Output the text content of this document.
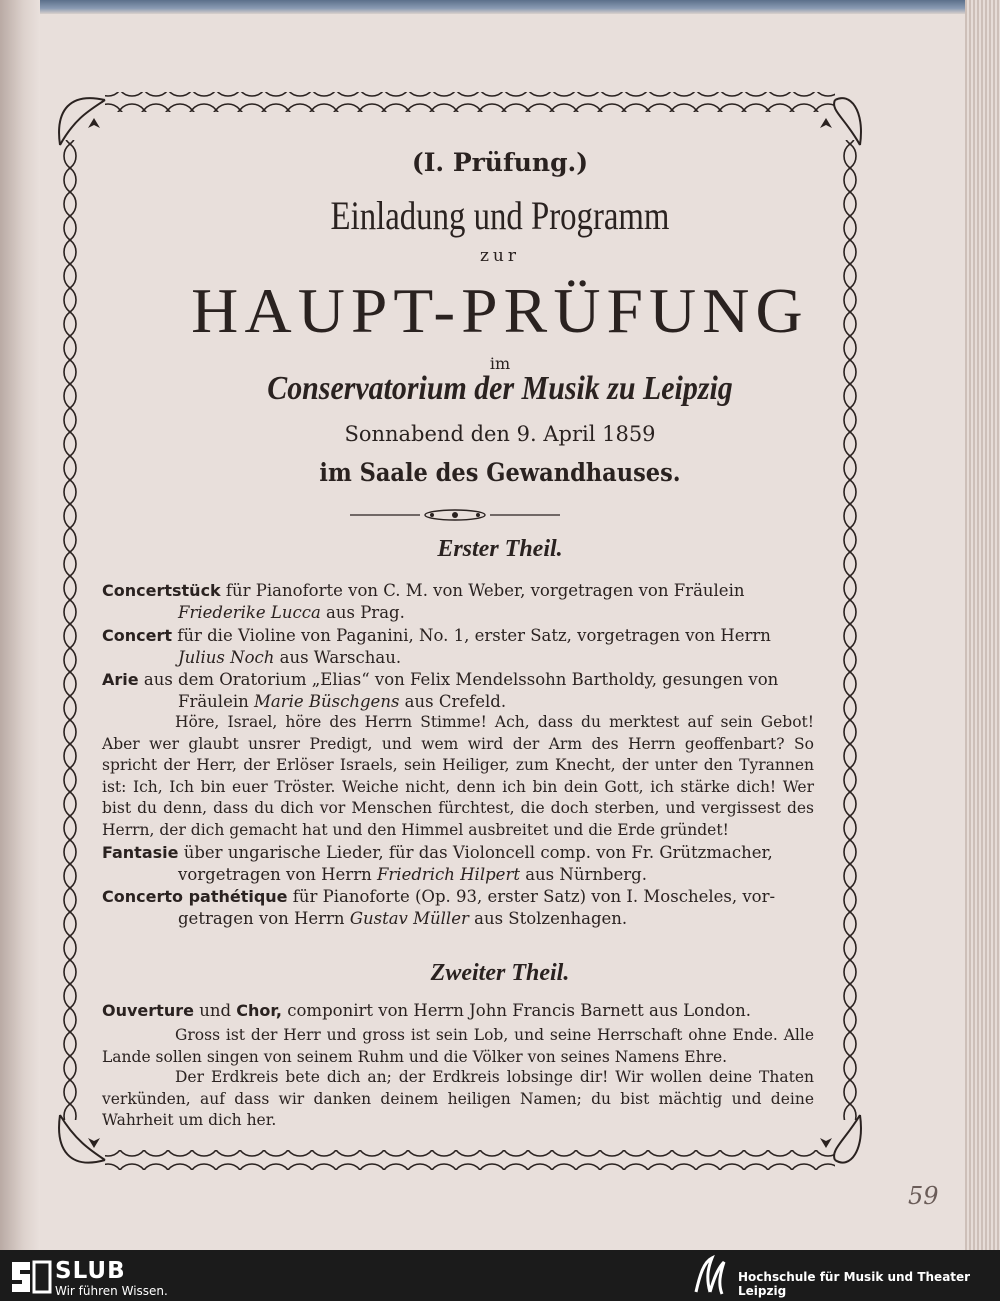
(I. Prüfung.)
Einladung und Programm
zur
HAUPT-PRÜFUNG
im
Conservatorium der Musik zu Leipzig
Sonnabend den 9. April 1859
im Saale des Gewandhauses.
Erster Theil.
Concertstück für Pianoforte von C. M. von Weber, vorgetragen von Fräulein
Friederike Lucca aus Prag.
Concert für die Violine von Paganini, No. 1, erster Satz, vorgetragen von Herrn
Julius Noch aus Warschau.
Arie aus dem Oratorium „Elias“ von Felix Mendelssohn Bartholdy, gesungen von
Fräulein Marie Büschgens aus Crefeld.
Höre, Israel, höre des Herrn Stimme! Ach, dass du merktest auf sein Gebot! Aber wer glaubt unsrer Predigt, und wem wird der Arm des Herrn geoffenbart? So spricht der Herr, der Erlöser Israels, sein Heiliger, zum Knecht, der unter den Tyrannen ist: Ich, Ich bin euer Tröster. Weiche nicht, denn ich bin dein Gott, ich stärke dich! Wer bist du denn, dass du dich vor Menschen fürchtest, die doch sterben, und vergissest des Herrn, der dich gemacht hat und den Himmel ausbreitet und die Erde gründet!
Fantasie über ungarische Lieder, für das Violoncell comp. von Fr. Grützmacher,
vorgetragen von Herrn Friedrich Hilpert aus Nürnberg.
Concerto pathétique für Pianoforte (Op. 93, erster Satz) von I. Moscheles, vor-
getragen von Herrn Gustav Müller aus Stolzenhagen.
Zweiter Theil.
Ouverture und Chor, componirt von Herrn John Francis Barnett aus London.
Gross ist der Herr und gross ist sein Lob, und seine Herrschaft ohne Ende. Alle Lande sollen singen von seinem Ruhm und die Völker von seines Namens Ehre.
Der Erdkreis bete dich an; der Erdkreis lobsinge dir! Wir wollen deine Thaten verkünden, auf dass wir danken deinem heiligen Namen; du bist mächtig und deine Wahrheit um dich her.
59
SLUB
Wir führen Wissen.
Hochschule für Musik und Theater Leipzig
